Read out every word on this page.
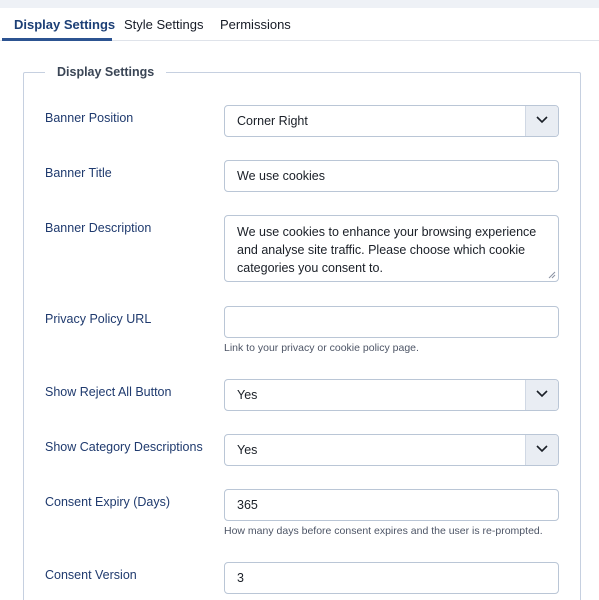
Display Settings Style Settings Permissions
Display Settings
Banner Position	Corner Right
Banner Title	We use cookies
Banner Description	We use cookies to enhance your browsing experience and analyse site traffic. Please choose which cookie categories you consent to.
Privacy Policy URL
Link to your privacy or cookie policy page.
Show Reject All Button	Yes
Show Category Descriptions	Yes
Consent Expiry (Days)	365
How many days before consent expires and the user is re-prompted.
Consent Version	3
